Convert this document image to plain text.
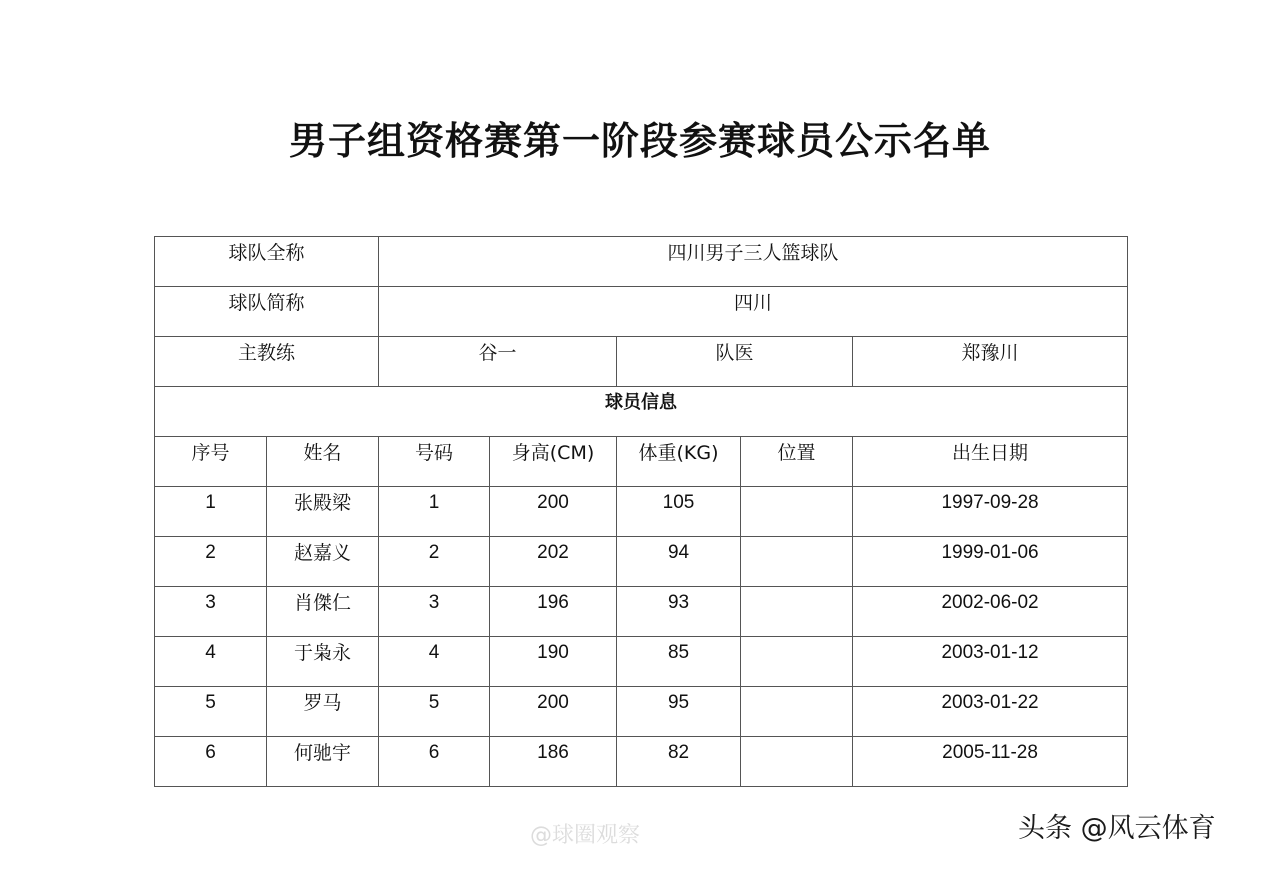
男子组资格赛第一阶段参赛球员公示名单
球队全称		四川男子三人篮球队				
球队简称		四川				
主教练		谷一		队医		郑豫川
球员信息						
序号	姓名	号码	身高(CM)	体重(KG)	位置	出生日期
1	张殿梁	1	200	105		1997-09-28
2	赵嘉义	2	202	94		1999-01-06
3	肖傑仁	3	196	93		2002-06-02
4	于枭永	4	190	85		2003-01-12
5	罗马	5	200	95		2003-01-22
6	何驰宇	6	186	82		2005-11-28
@球圈观察	头条 @风云体育
